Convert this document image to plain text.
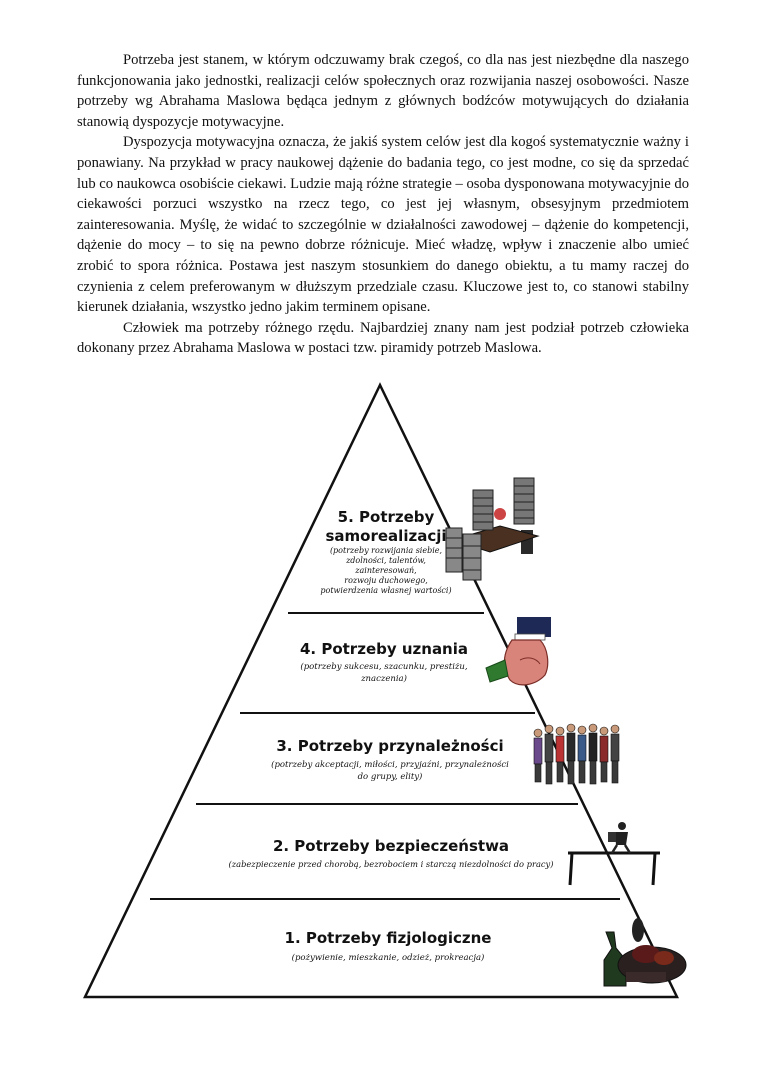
Potrzeba jest stanem, w którym odczuwamy brak czegoś, co dla nas jest niezbędne dla naszego funkcjonowania jako jednostki, realizacji celów społecznych oraz rozwijania naszej osobowości. Nasze potrzeby wg Abrahama Maslowa będąca jednym z głównych bodźców motywujących do działania stanowią dyspozycje motywacyjne.

Dyspozycja motywacyjna oznacza, że jakiś system celów jest dla kogoś systematycznie ważny i ponawiany. Na przykład w pracy naukowej dążenie do badania tego, co jest modne, co się da sprzedać lub co naukowca osobiście ciekawi. Ludzie mają różne strategie – osoba dysponowana motywacyjnie do ciekawości porzuci wszystko na rzecz tego, co jest jej własnym, obsesyjnym przedmiotem zainteresowania. Myślę, że widać to szczególnie w działalności zawodowej – dążenie do kompetencji, dążenie do mocy – to się na pewno dobrze różnicuje. Mieć władzę, wpływ i znaczenie albo umieć zrobić to spora różnica. Postawa jest naszym stosunkiem do danego obiektu, a tu mamy raczej do czynienia z celem preferowanym w dłuższym przedziale czasu. Kluczowe jest to, co stanowi stabilny kierunek działania, wszystko jedno jakim terminem opisane.

Człowiek ma potrzeby różnego rzędu. Najbardziej znany nam jest podział potrzeb człowieka dokonany przez Abrahama Maslowa w postaci tzw. piramidy potrzeb Maslowa.

5. Potrzeby
samorealizacji
(potrzeby rozwijania siebie,
zdolności, talentów,
zainteresowań,
rozwoju duchowego,
potwierdzenia własnej wartości)
4. Potrzeby uznania
(potrzeby sukcesu, szacunku, prestiżu,
znaczenia)
3. Potrzeby przynależności
(potrzeby akceptacji, miłości, przyjaźni, przynależności
do grupy, elity)
2. Potrzeby bezpieczeństwa
(zabezpieczenie przed chorobą, bezrobociem i starczą niezdolności do pracy)
1. Potrzeby fizjologiczne
(pożywienie, mieszkanie, odzież, prokreacja)
